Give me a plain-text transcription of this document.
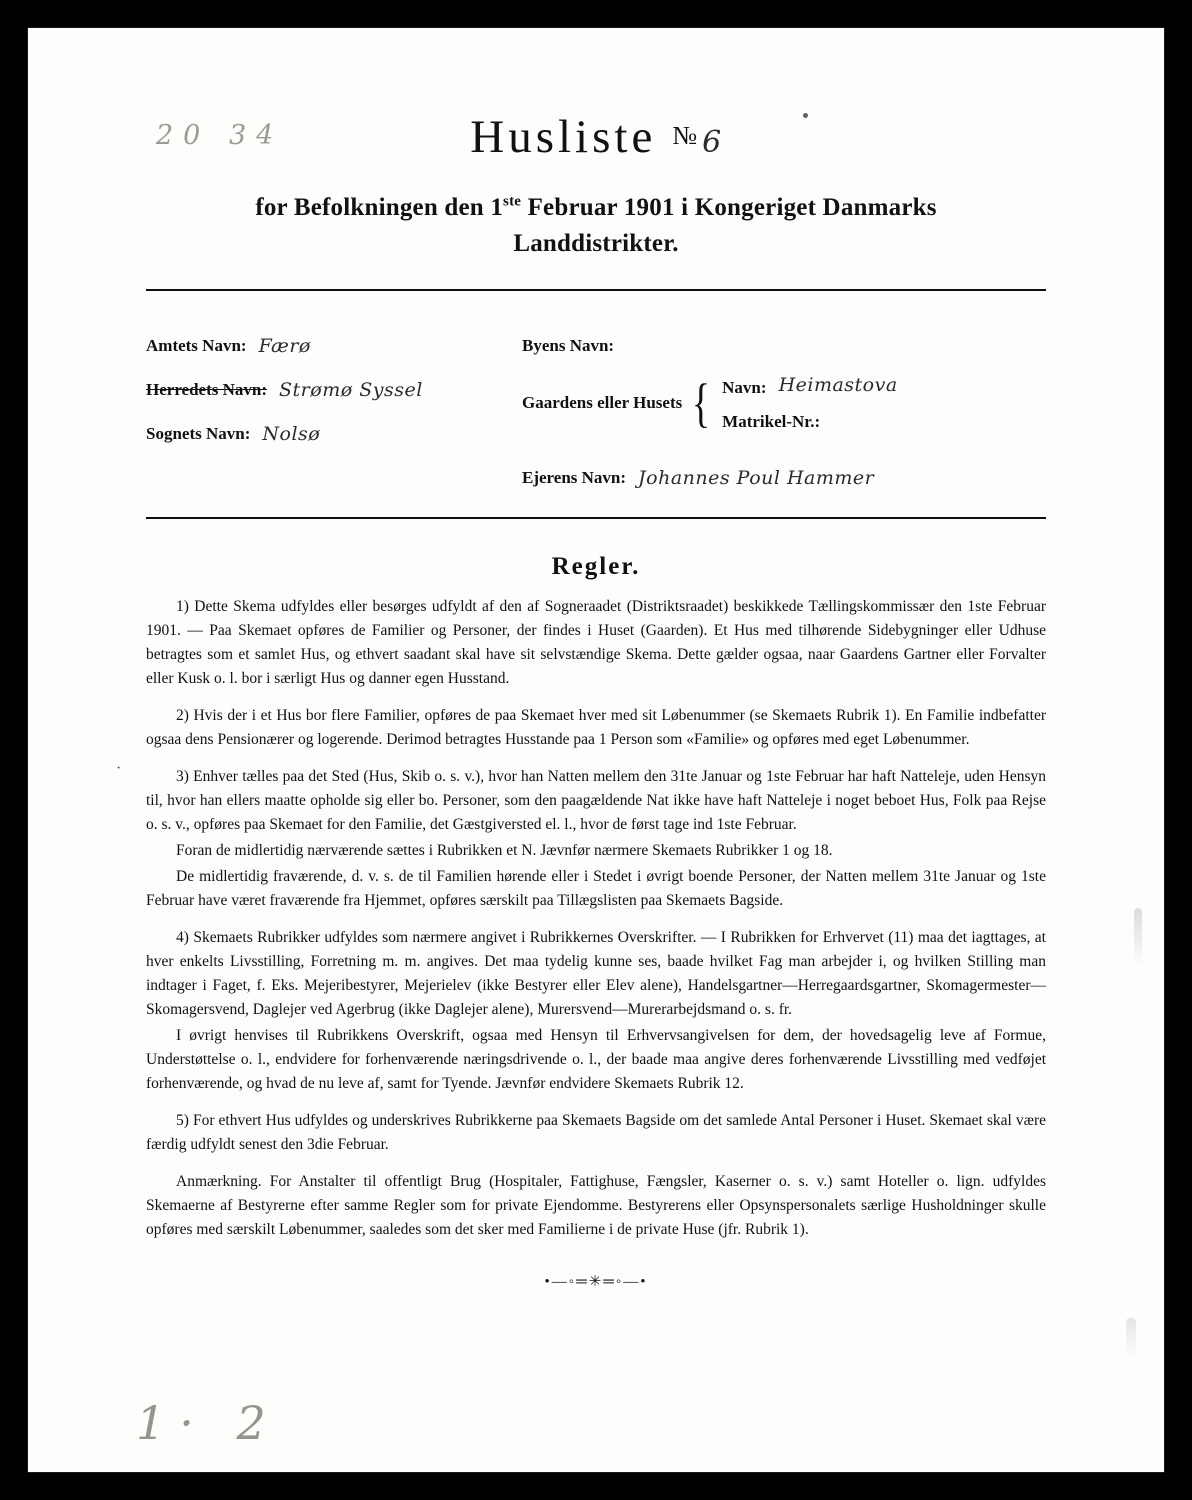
20 34
1· 2
·
Husliste № 6
for Befolkningen den 1ste Februar 1901 i Kongeriget Danmarks
Landdistrikter.
Amtets Navn: Færø
Herredets Navn: Strømø Syssel
Sognets Navn: Nolsø
Byens Navn:
Gaardens eller Husets { Navn: Heimastova
Matrikel-Nr.:
Ejerens Navn: Johannes Poul Hammer
Regler.

1) Dette Skema udfyldes eller besørges udfyldt af den af Sogneraadet (Distriktsraadet) beskikkede Tællingskommissær den 1ste Februar 1901. — Paa Skemaet opføres de Familier og Personer, der findes i Huset (Gaarden). Et Hus med tilhørende Sidebygninger eller Udhuse betragtes som et samlet Hus, og ethvert saadant skal have sit selvstændige Skema. Dette gælder ogsaa, naar Gaardens Gartner eller Forvalter eller Kusk o. l. bor i særligt Hus og danner egen Husstand.

2) Hvis der i et Hus bor flere Familier, opføres de paa Skemaet hver med sit Løbenummer (se Skemaets Rubrik 1). En Familie indbefatter ogsaa dens Pensionærer og logerende. Derimod betragtes Husstande paa 1 Person som «Familie» og opføres med eget Løbenummer.

3) Enhver tælles paa det Sted (Hus, Skib o. s. v.), hvor han Natten mellem den 31te Januar og 1ste Februar har haft Natteleje, uden Hensyn til, hvor han ellers maatte opholde sig eller bo. Personer, som den paagældende Nat ikke have haft Natteleje i noget beboet Hus, Folk paa Rejse o. s. v., opføres paa Skemaet for den Familie, det Gæstgiversted el. l., hvor de først tage ind 1ste Februar.

Foran de midlertidig nærværende sættes i Rubrikken et N. Jævnfør nærmere Skemaets Rubrikker 1 og 18.

De midlertidig fraværende, d. v. s. de til Familien hørende eller i Stedet i øvrigt boende Personer, der Natten mellem 31te Januar og 1ste Februar have været fraværende fra Hjemmet, opføres særskilt paa Tillægslisten paa Skemaets Bagside.

4) Skemaets Rubrikker udfyldes som nærmere angivet i Rubrikkernes Overskrifter. — I Rubrikken for Erhvervet (11) maa det iagttages, at hver enkelts Livsstilling, Forretning m. m. angives. Det maa tydelig kunne ses, baade hvilket Fag man arbejder i, og hvilken Stilling man indtager i Faget, f. Eks. Mejeribestyrer, Mejerielev (ikke Bestyrer eller Elev alene), Handelsgartner—Herregaardsgartner, Skomagermester—Skomagersvend, Daglejer ved Agerbrug (ikke Daglejer alene), Murersvend—Murerarbejdsmand o. s. fr.

I øvrigt henvises til Rubrikkens Overskrift, ogsaa med Hensyn til Erhvervsangivelsen for dem, der hovedsagelig leve af Formue, Understøttelse o. l., endvidere for forhenværende næringsdrivende o. l., der baade maa angive deres forhenværende Livsstilling med vedføjet forhenværende, og hvad de nu leve af, samt for Tyende. Jævnfør endvidere Skemaets Rubrik 12.

5) For ethvert Hus udfyldes og underskrives Rubrikkerne paa Skemaets Bagside om det samlede Antal Personer i Huset. Skemaet skal være færdig udfyldt senest den 3die Februar.

Anmærkning. For Anstalter til offentligt Brug (Hospitaler, Fattighuse, Fængsler, Kaserner o. s. v.) samt Hoteller o. lign. udfyldes Skemaerne af Bestyrerne efter samme Regler som for private Ejendomme. Bestyrerens eller Opsynspersonalets særlige Husholdninger skulle opføres med særskilt Løbenummer, saaledes som det sker med Familierne i de private Huse (jfr. Rubrik 1).

•—◦═✳═◦—•
